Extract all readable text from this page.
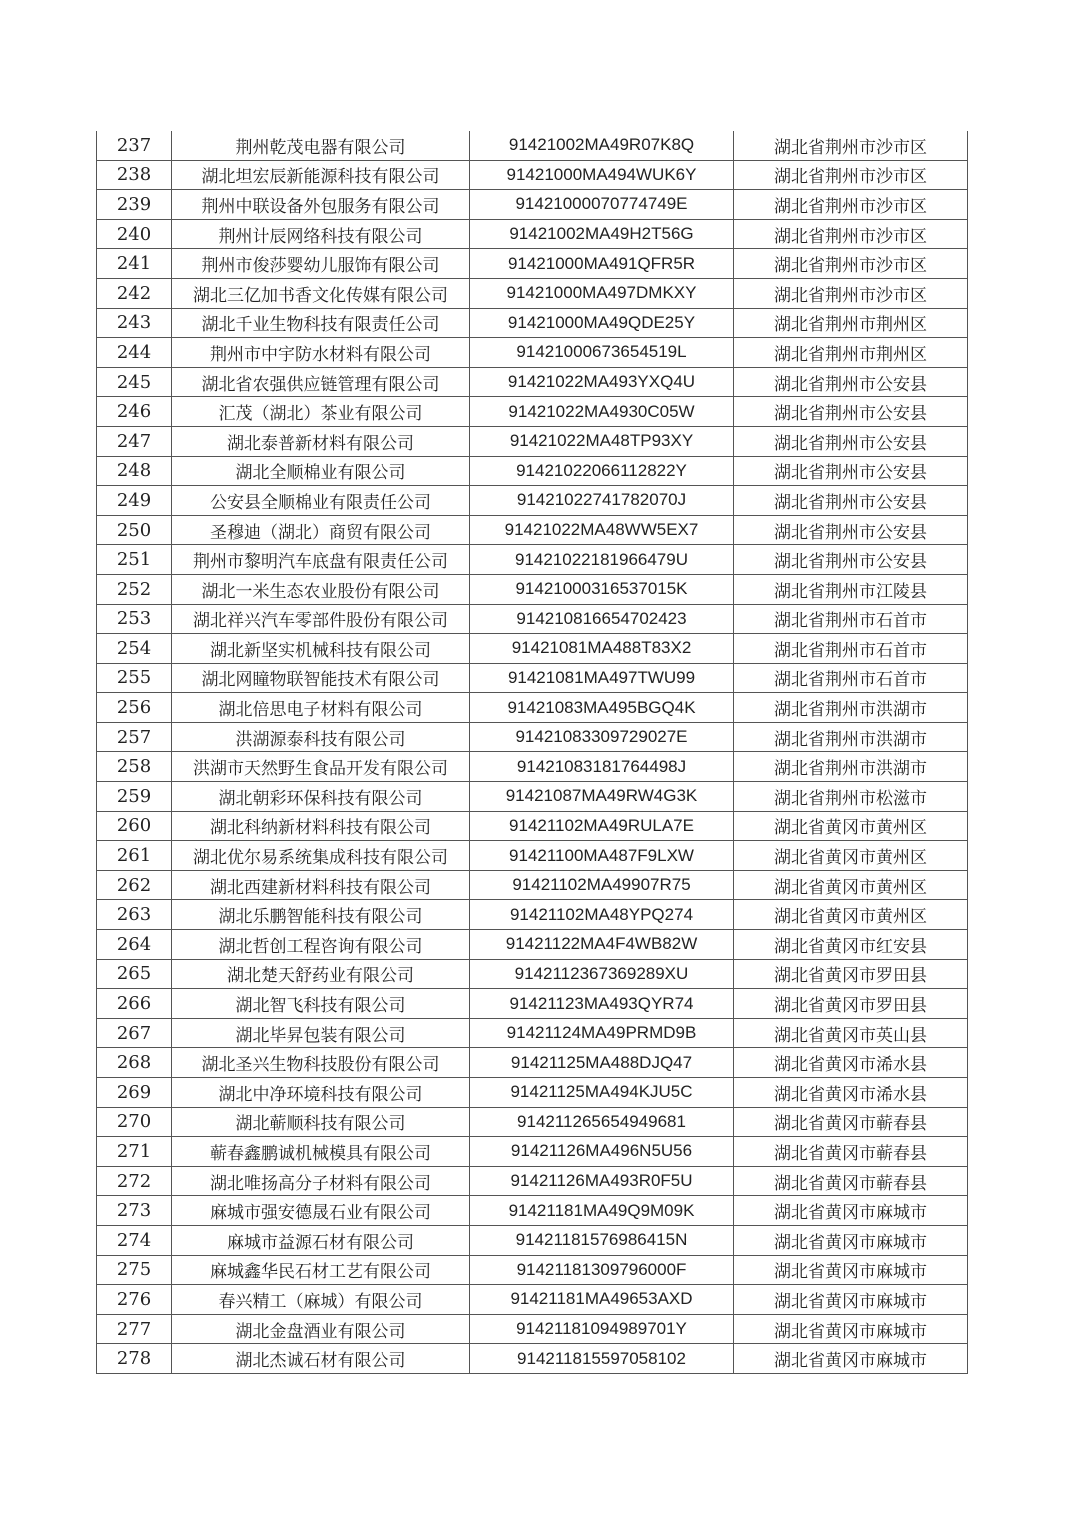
237	荆州乾茂电器有限公司	91421002MA49R07K8Q	湖北省荆州市沙市区
238	湖北坦宏辰新能源科技有限公司	91421000MA494WUK6Y	湖北省荆州市沙市区
239	荆州中联设备外包服务有限公司	91421000070774749E	湖北省荆州市沙市区
240	荆州计辰网络科技有限公司	91421002MA49H2T56G	湖北省荆州市沙市区
241	荆州市俊莎婴幼儿服饰有限公司	91421000MA491QFR5R	湖北省荆州市沙市区
242	湖北三亿加书香文化传媒有限公司	91421000MA497DMKXY	湖北省荆州市沙市区
243	湖北千业生物科技有限责任公司	91421000MA49QDE25Y	湖北省荆州市荆州区
244	荆州市中宇防水材料有限公司	91421000673654519L	湖北省荆州市荆州区
245	湖北省农强供应链管理有限公司	91421022MA493YXQ4U	湖北省荆州市公安县
246	汇茂（湖北）茶业有限公司	91421022MA4930C05W	湖北省荆州市公安县
247	湖北泰普新材料有限公司	91421022MA48TP93XY	湖北省荆州市公安县
248	湖北全顺棉业有限公司	91421022066112822Y	湖北省荆州市公安县
249	公安县全顺棉业有限责任公司	91421022741782070J	湖北省荆州市公安县
250	圣穆迪（湖北）商贸有限公司	91421022MA48WW5EX7	湖北省荆州市公安县
251	荆州市黎明汽车底盘有限责任公司	91421022181966479U	湖北省荆州市公安县
252	湖北一米生态农业股份有限公司	91421000316537015K	湖北省荆州市江陵县
253	湖北祥兴汽车零部件股份有限公司	914210816654702423	湖北省荆州市石首市
254	湖北新坚实机械科技有限公司	91421081MA488T83X2	湖北省荆州市石首市
255	湖北网瞳物联智能技术有限公司	91421081MA497TWU99	湖北省荆州市石首市
256	湖北倍思电子材料有限公司	91421083MA495BGQ4K	湖北省荆州市洪湖市
257	洪湖源泰科技有限公司	91421083309729027E	湖北省荆州市洪湖市
258	洪湖市天然野生食品开发有限公司	91421083181764498J	湖北省荆州市洪湖市
259	湖北朝彩环保科技有限公司	91421087MA49RW4G3K	湖北省荆州市松滋市
260	湖北科纳新材料科技有限公司	91421102MA49RULA7E	湖北省黄冈市黄州区
261	湖北优尔易系统集成科技有限公司	91421100MA487F9LXW	湖北省黄冈市黄州区
262	湖北西建新材料科技有限公司	91421102MA49907R75	湖北省黄冈市黄州区
263	湖北乐鹏智能科技有限公司	91421102MA48YPQ274	湖北省黄冈市黄州区
264	湖北哲创工程咨询有限公司	91421122MA4F4WB82W	湖北省黄冈市红安县
265	湖北楚天舒药业有限公司	9142112367369289XU	湖北省黄冈市罗田县
266	湖北智飞科技有限公司	91421123MA493QYR74	湖北省黄冈市罗田县
267	湖北毕昇包装有限公司	91421124MA49PRMD9B	湖北省黄冈市英山县
268	湖北圣兴生物科技股份有限公司	91421125MA488DJQ47	湖北省黄冈市浠水县
269	湖北中净环境科技有限公司	91421125MA494KJU5C	湖北省黄冈市浠水县
270	湖北蕲顺科技有限公司	914211265654949681	湖北省黄冈市蕲春县
271	蕲春鑫鹏诚机械模具有限公司	91421126MA496N5U56	湖北省黄冈市蕲春县
272	湖北唯扬高分子材料有限公司	91421126MA493R0F5U	湖北省黄冈市蕲春县
273	麻城市强安德晟石业有限公司	91421181MA49Q9M09K	湖北省黄冈市麻城市
274	麻城市益源石材有限公司	91421181576986415N	湖北省黄冈市麻城市
275	麻城鑫华民石材工艺有限公司	91421181309796000F	湖北省黄冈市麻城市
276	春兴精工（麻城）有限公司	91421181MA49653AXD	湖北省黄冈市麻城市
277	湖北金盘酒业有限公司	91421181094989701Y	湖北省黄冈市麻城市
278	湖北杰诚石材有限公司	914211815597058102	湖北省黄冈市麻城市
